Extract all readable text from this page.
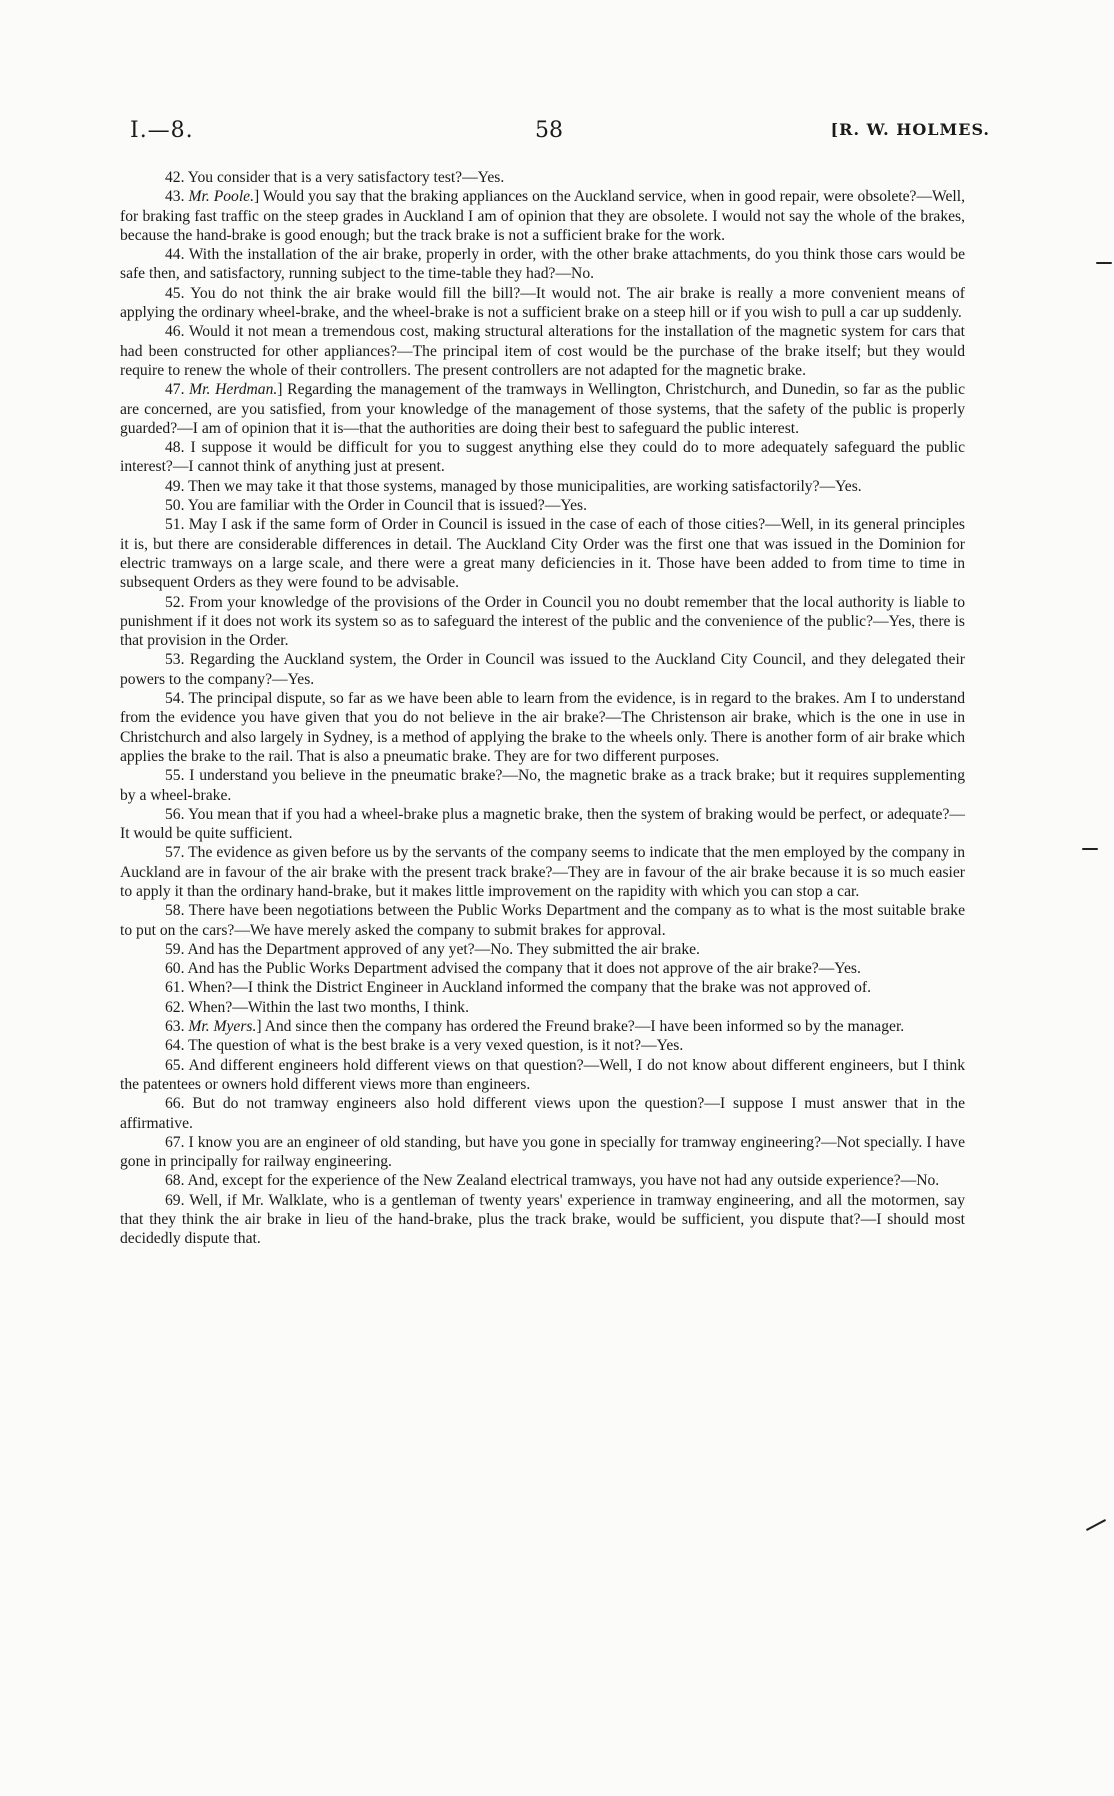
I.—8.	58	[R. W. HOLMES.

42. You consider that is a very satisfactory test?—Yes.

43. Mr. Poole.] Would you say that the braking appliances on the Auckland service, when in good repair, were obsolete?—Well, for braking fast traffic on the steep grades in Auckland I am of opinion that they are obsolete. I would not say the whole of the brakes, because the hand-brake is good enough; but the track brake is not a sufficient brake for the work.

44. With the installation of the air brake, properly in order, with the other brake attachments, do you think those cars would be safe then, and satisfactory, running subject to the time-table they had?—No.

45. You do not think the air brake would fill the bill?—It would not. The air brake is really a more convenient means of applying the ordinary wheel-brake, and the wheel-brake is not a sufficient brake on a steep hill or if you wish to pull a car up suddenly.

46. Would it not mean a tremendous cost, making structural alterations for the installation of the magnetic system for cars that had been constructed for other appliances?—The principal item of cost would be the purchase of the brake itself; but they would require to renew the whole of their controllers. The present controllers are not adapted for the magnetic brake.

47. Mr. Herdman.] Regarding the management of the tramways in Wellington, Christchurch, and Dunedin, so far as the public are concerned, are you satisfied, from your knowledge of the management of those systems, that the safety of the public is properly guarded?—I am of opinion that it is—that the authorities are doing their best to safeguard the public interest.

48. I suppose it would be difficult for you to suggest anything else they could do to more adequately safeguard the public interest?—I cannot think of anything just at present.

49. Then we may take it that those systems, managed by those municipalities, are working satisfactorily?—Yes.

50. You are familiar with the Order in Council that is issued?—Yes.

51. May I ask if the same form of Order in Council is issued in the case of each of those cities?—Well, in its general principles it is, but there are considerable differences in detail. The Auckland City Order was the first one that was issued in the Dominion for electric tramways on a large scale, and there were a great many deficiencies in it. Those have been added to from time to time in subsequent Orders as they were found to be advisable.

52. From your knowledge of the provisions of the Order in Council you no doubt remember that the local authority is liable to punishment if it does not work its system so as to safeguard the interest of the public and the convenience of the public?—Yes, there is that provision in the Order.

53. Regarding the Auckland system, the Order in Council was issued to the Auckland City Council, and they delegated their powers to the company?—Yes.

54. The principal dispute, so far as we have been able to learn from the evidence, is in regard to the brakes. Am I to understand from the evidence you have given that you do not believe in the air brake?—The Christenson air brake, which is the one in use in Christchurch and also largely in Sydney, is a method of applying the brake to the wheels only. There is another form of air brake which applies the brake to the rail. That is also a pneumatic brake. They are for two different purposes.

55. I understand you believe in the pneumatic brake?—No, the magnetic brake as a track brake; but it requires supplementing by a wheel-brake.

56. You mean that if you had a wheel-brake plus a magnetic brake, then the system of braking would be perfect, or adequate?—It would be quite sufficient.

57. The evidence as given before us by the servants of the company seems to indicate that the men employed by the company in Auckland are in favour of the air brake with the present track brake?—They are in favour of the air brake because it is so much easier to apply it than the ordinary hand-brake, but it makes little improvement on the rapidity with which you can stop a car.

58. There have been negotiations between the Public Works Department and the company as to what is the most suitable brake to put on the cars?—We have merely asked the company to submit brakes for approval.

59. And has the Department approved of any yet?—No. They submitted the air brake.

60. And has the Public Works Department advised the company that it does not approve of the air brake?—Yes.

61. When?—I think the District Engineer in Auckland informed the company that the brake was not approved of.

62. When?—Within the last two months, I think.

63. Mr. Myers.] And since then the company has ordered the Freund brake?—I have been informed so by the manager.

64. The question of what is the best brake is a very vexed question, is it not?—Yes.

65. And different engineers hold different views on that question?—Well, I do not know about different engineers, but I think the patentees or owners hold different views more than engineers.

66. But do not tramway engineers also hold different views upon the question?—I suppose I must answer that in the affirmative.

67. I know you are an engineer of old standing, but have you gone in specially for tramway engineering?—Not specially. I have gone in principally for railway engineering.

68. And, except for the experience of the New Zealand electrical tramways, you have not had any outside experience?—No.

69. Well, if Mr. Walklate, who is a gentleman of twenty years' experience in tramway engineering, and all the motormen, say that they think the air brake in lieu of the hand-brake, plus the track brake, would be sufficient, you dispute that?—I should most decidedly dispute that.
